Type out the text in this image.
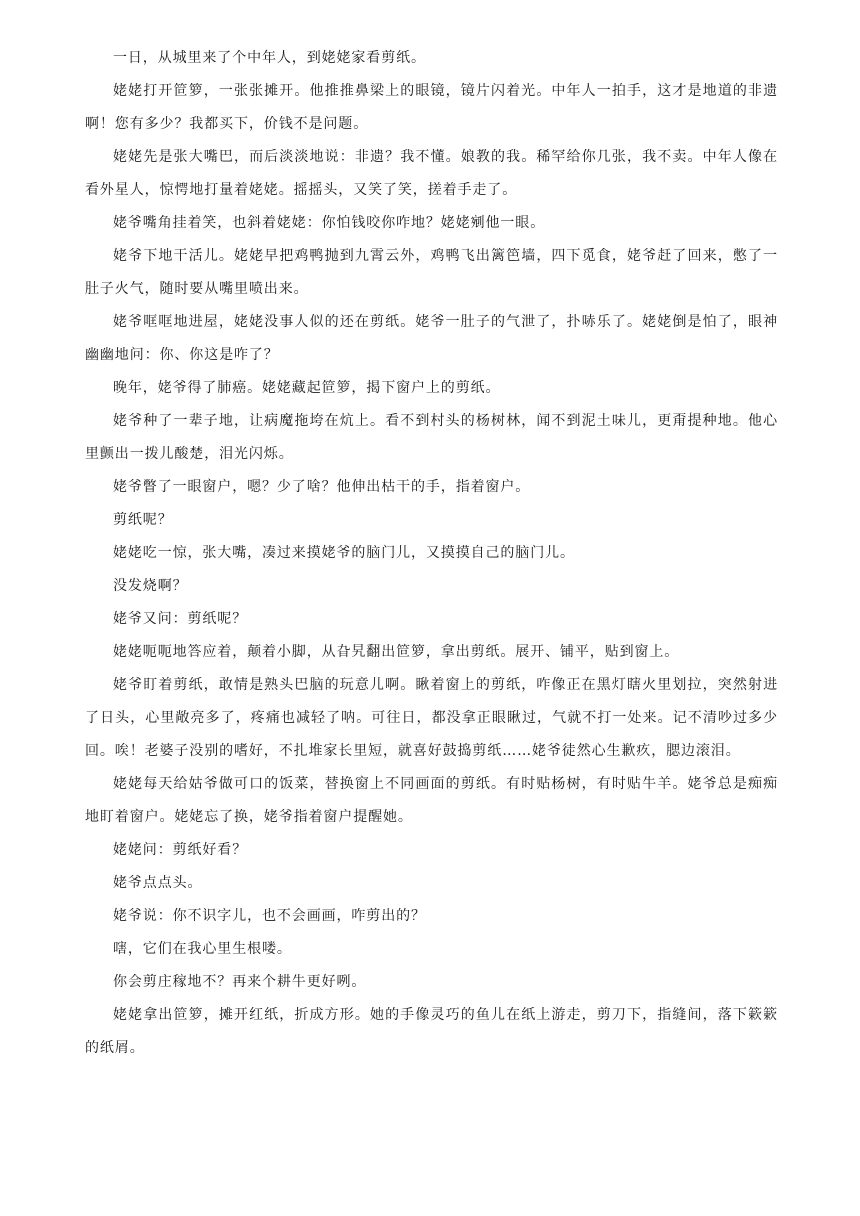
一日，从城里来了个中年人，到姥姥家看剪纸。

姥姥打开笸箩，一张张摊开。他推推鼻梁上的眼镜，镜片闪着光。中年人一拍手，这才是地道的非遗啊！您有多少？我都买下，价钱不是问题。

姥姥先是张大嘴巴，而后淡淡地说：非遗？我不懂。娘教的我。稀罕给你几张，我不卖。中年人像在看外星人，惊愕地打量着姥姥。摇摇头，又笑了笑，搓着手走了。

姥爷嘴角挂着笑，也斜着姥姥：你怕钱咬你咋地？姥姥剜他一眼。

姥爷下地干活儿。姥姥早把鸡鸭抛到九霄云外，鸡鸭飞出篱笆墙，四下觅食，姥爷赶了回来，憋了一肚子火气，随时要从嘴里喷出来。

姥爷哐哐地进屋，姥姥没事人似的还在剪纸。姥爷一肚子的气泄了，扑哧乐了。姥姥倒是怕了，眼神幽幽地问：你、你这是咋了？

晚年，姥爷得了肺癌。姥姥藏起笸箩，揭下窗户上的剪纸。

姥爷种了一辈子地，让病魔拖垮在炕上。看不到村头的杨树林，闻不到泥土味儿，更甭提种地。他心里颤出一拨儿酸楚，泪光闪烁。

姥爷瞥了一眼窗户，嗯？少了啥？他伸出枯干的手，指着窗户。

剪纸呢？

姥姥吃一惊，张大嘴，凑过来摸姥爷的脑门儿，又摸摸自己的脑门儿。

没发烧啊？

姥爷又问：剪纸呢？

姥姥呃呃地答应着，颠着小脚，从旮旯翻出笸箩，拿出剪纸。展开、铺平，贴到窗上。

姥爷盯着剪纸，敢情是熟头巴脑的玩意儿啊。瞅着窗上的剪纸，咋像正在黑灯瞎火里划拉，突然射进了日头，心里敞亮多了，疼痛也减轻了呐。可往日，都没拿正眼瞅过，气就不打一处来。记不清吵过多少回。唉！老婆子没别的嗜好，不扎堆家长里短，就喜好鼓捣剪纸……姥爷徒然心生歉疚，腮边滚泪。

姥姥每天给姑爷做可口的饭菜，替换窗上不同画面的剪纸。有时贴杨树，有时贴牛羊。姥爷总是痴痴地盯着窗户。姥姥忘了换，姥爷指着窗户提醒她。

姥姥问：剪纸好看？

姥爷点点头。

姥爷说：你不识字儿，也不会画画，咋剪出的？

嗐，它们在我心里生根喽。

你会剪庄稼地不？再来个耕牛更好咧。

姥姥拿出笸箩，摊开红纸，折成方形。她的手像灵巧的鱼儿在纸上游走，剪刀下，指缝间，落下簌簌的纸屑。
